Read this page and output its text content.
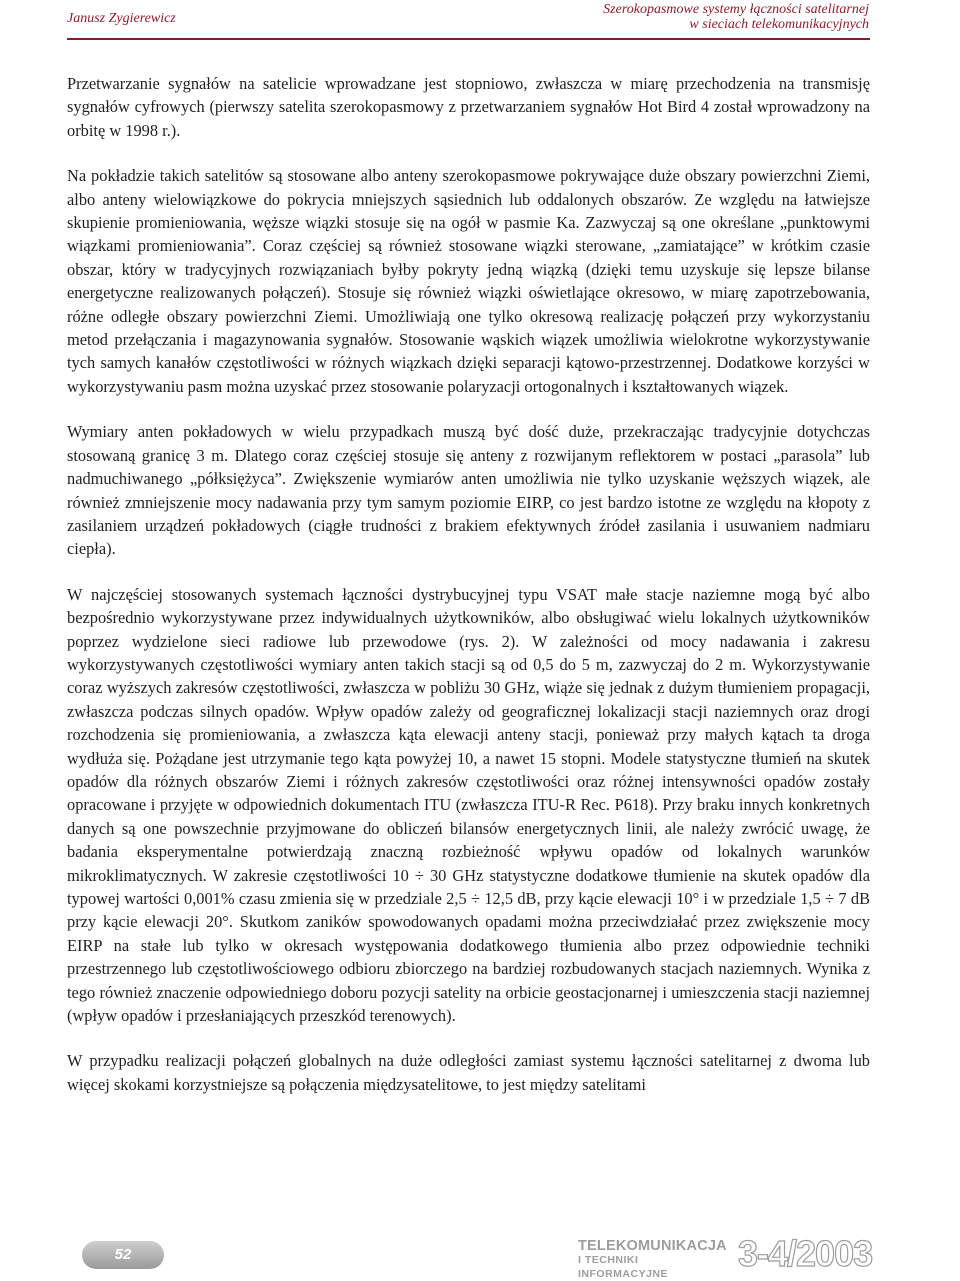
Janusz Zygierewicz
Szerokopasmowe systemy łączności satelitarnej
w sieciach telekomunikacyjnych

Przetwarzanie sygnałów na satelicie wprowadzane jest stopniowo, zwłaszcza w miarę przechodzenia na transmisję sygnałów cyfrowych (pierwszy satelita szerokopasmowy z przetwarzaniem sygnałów Hot Bird 4 został wprowadzony na orbitę w 1998 r.).

Na pokładzie takich satelitów są stosowane albo anteny szerokopasmowe pokrywające duże obszary powierzchni Ziemi, albo anteny wielowiązkowe do pokrycia mniejszych sąsiednich lub oddalonych obszarów. Ze względu na łatwiejsze skupienie promieniowania, węższe wiązki stosuje się na ogół w pasmie Ka. Zazwyczaj są one określane „punktowymi wiązkami promieniowania”. Coraz częściej są również stosowane wiązki sterowane, „zamiatające” w krótkim czasie obszar, który w tradycyjnych rozwiązaniach byłby pokryty jedną wiązką (dzięki temu uzyskuje się lepsze bilanse energetyczne realizowanych połączeń). Stosuje się również wiązki oświetlające okresowo, w miarę zapotrzebowania, różne odległe obszary powierzchni Ziemi. Umożliwiają one tylko okresową realizację połączeń przy wykorzystaniu metod przełączania i magazynowania sygnałów. Stosowanie wąskich wiązek umożliwia wielokrotne wykorzystywanie tych samych kanałów częstotliwości w różnych wiązkach dzięki separacji kątowo-przestrzennej. Dodatkowe korzyści w wykorzystywaniu pasm można uzyskać przez stosowanie polaryzacji ortogonalnych i kształtowanych wiązek.

Wymiary anten pokładowych w wielu przypadkach muszą być dość duże, przekraczając tradycyjnie dotychczas stosowaną granicę 3 m. Dlatego coraz częściej stosuje się anteny z rozwijanym reflektorem w postaci „parasola” lub nadmuchiwanego „półksiężyca”. Zwiększenie wymiarów anten umożliwia nie tylko uzyskanie węższych wiązek, ale również zmniejszenie mocy nadawania przy tym samym poziomie EIRP, co jest bardzo istotne ze względu na kłopoty z zasilaniem urządzeń pokładowych (ciągłe trudności z brakiem efektywnych źródeł zasilania i usuwaniem nadmiaru ciepła).

W najczęściej stosowanych systemach łączności dystrybucyjnej typu VSAT małe stacje naziemne mogą być albo bezpośrednio wykorzystywane przez indywidualnych użytkowników, albo obsługiwać wielu lokalnych użytkowników poprzez wydzielone sieci radiowe lub przewodowe (rys. 2). W zależności od mocy nadawania i zakresu wykorzystywanych częstotliwości wymiary anten takich stacji są od 0,5 do 5 m, zazwyczaj do 2 m. Wykorzystywanie coraz wyższych zakresów częstotliwości, zwłaszcza w pobliżu 30 GHz, wiąże się jednak z dużym tłumieniem propagacji, zwłaszcza podczas silnych opadów. Wpływ opadów zależy od geograficznej lokalizacji stacji naziemnych oraz drogi rozchodzenia się promieniowania, a zwłaszcza kąta elewacji anteny stacji, ponieważ przy małych kątach ta droga wydłuża się. Pożądane jest utrzymanie tego kąta powyżej 10, a nawet 15 stopni. Modele statystyczne tłumień na skutek opadów dla różnych obszarów Ziemi i różnych zakresów częstotliwości oraz różnej intensywności opadów zostały opracowane i przyjęte w odpowiednich dokumentach ITU (zwłaszcza ITU-R Rec. P618). Przy braku innych konkretnych danych są one powszechnie przyjmowane do obliczeń bilansów energetycznych linii, ale należy zwrócić uwagę, że badania eksperymentalne potwierdzają znaczną rozbieżność wpływu opadów od lokalnych warunków mikroklimatycznych. W zakresie częstotliwości 10 ÷ 30 GHz statystyczne dodatkowe tłumienie na skutek opadów dla typowej wartości 0,001% czasu zmienia się w przedziale 2,5 ÷ 12,5 dB, przy kącie elewacji 10° i w przedziale 1,5 ÷ 7 dB przy kącie elewacji 20°. Skutkom zaników spowodowanych opadami można przeciwdziałać przez zwiększenie mocy EIRP na stałe lub tylko w okresach występowania dodatkowego tłumienia albo przez odpowiednie techniki przestrzennego lub częstotliwościowego odbioru zbiorczego na bardziej rozbudowanych stacjach naziemnych. Wynika z tego również znaczenie odpowiedniego doboru pozycji satelity na orbicie geostacjonarnej i umieszczenia stacji naziemnej (wpływ opadów i przesłaniających przeszkód terenowych).

W przypadku realizacji połączeń globalnych na duże odległości zamiast systemu łączności satelitarnej z dwoma lub więcej skokami korzystniejsze są połączenia międzysatelitowe, to jest między satelitami

52	TELEKOMUNIKACJA
I TECHNIKI INFORMACYJNE	3-4/2003
